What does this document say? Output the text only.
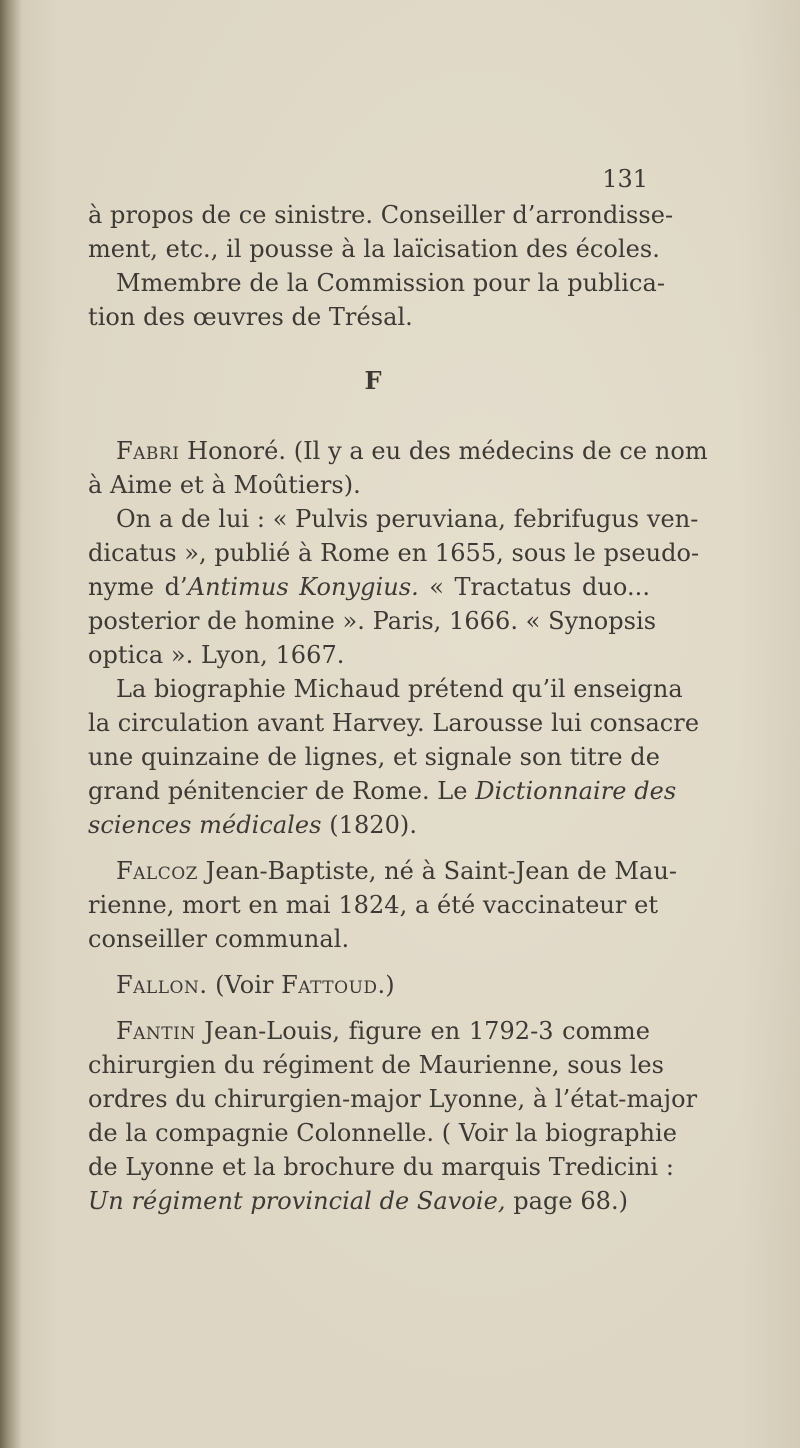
131
à propos de ce sinistre. Conseiller d’arrondisse-
ment, etc., il pousse à la laïcisation des écoles.
Mmembre de la Commission pour la publica-
tion des œuvres de Trésal.
F
Fabri Honoré. (Il y a eu des médecins de ce nom
à Aime et à Moûtiers).
On a de lui : « Pulvis peruviana, febrifugus ven-
dicatus », publié à Rome en 1655, sous le pseudo-
nyme d’Antimus Konygius. « Tractatus duo...
posterior de homine ». Paris, 1666. « Synopsis
optica ». Lyon, 1667.
La biographie Michaud prétend qu’il enseigna
la circulation avant Harvey. Larousse lui consacre
une quinzaine de lignes, et signale son titre de
grand pénitencier de Rome. Le Dictionnaire des
sciences médicales (1820).
Falcoz Jean-Baptiste, né à Saint-Jean de Mau-
rienne, mort en mai 1824, a été vaccinateur et
conseiller communal.
Fallon. (Voir Fattoud.)
Fantin Jean-Louis, figure en 1792-3 comme
chirurgien du régiment de Maurienne, sous les
ordres du chirurgien-major Lyonne, à l’état-major
de la compagnie Colonnelle. ( Voir la biographie
de Lyonne et la brochure du marquis Tredicini :
Un régiment provincial de Savoie, page 68.)
